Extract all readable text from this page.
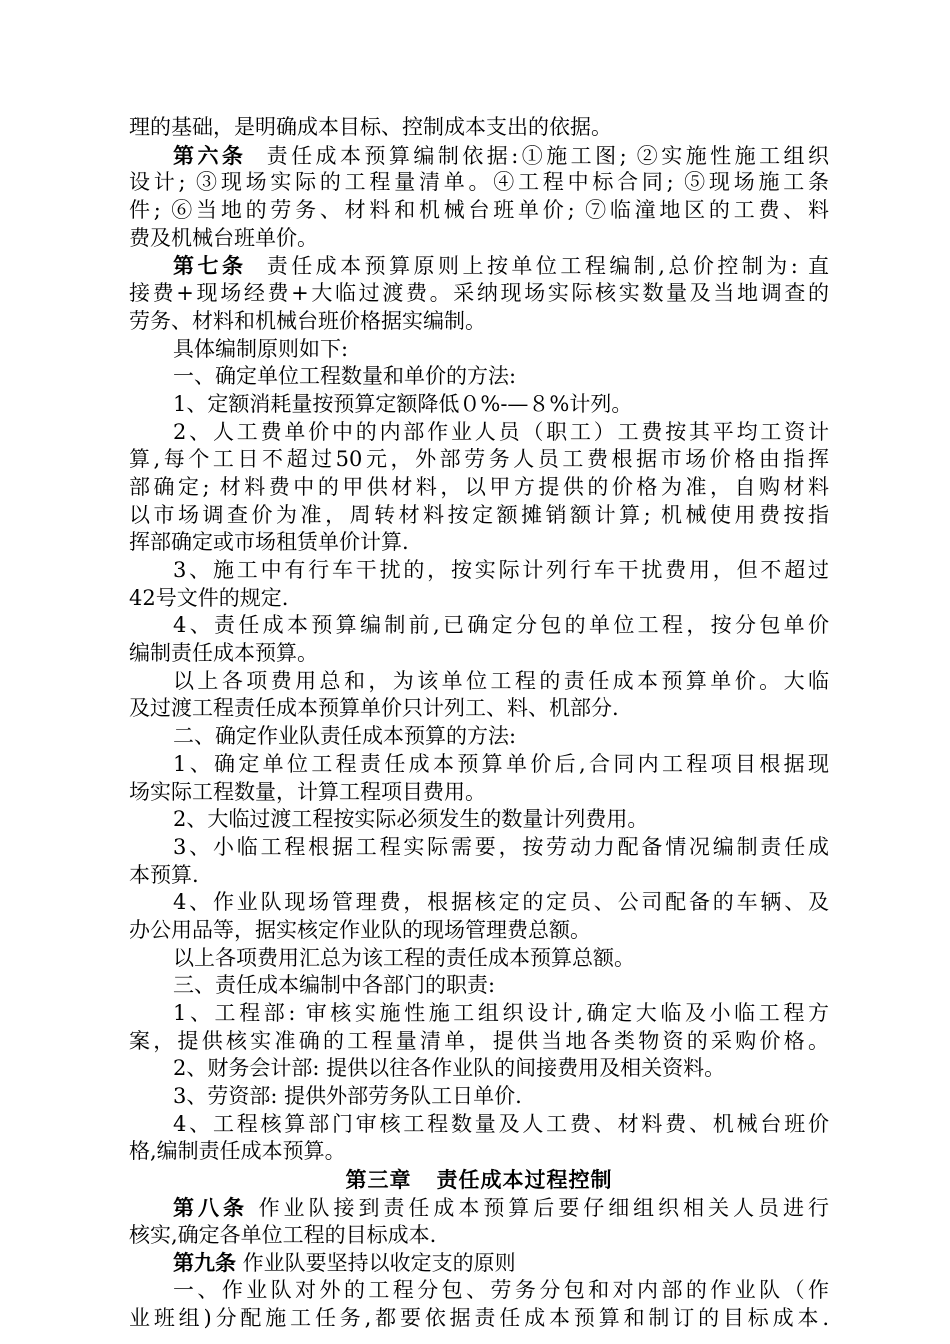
理的基础，是明确成本目标、控制成本支出的依据。
第六条  责任成本预算编制依据:①施工图; ②实施性施工组织
设计; ③现场实际的工程量清单。④工程中标合同; ⑤现场施工条
件; ⑥当地的劳务、材料和机械台班单价; ⑦临潼地区的工费、料
费及机械台班单价。
第七条  责任成本预算原则上按单位工程编制,总价控制为: 直
接费+现场经费+大临过渡费。采纳现场实际核实数量及当地调查的
劳务、材料和机械台班价格据实编制。
具体编制原则如下:
一、确定单位工程数量和单价的方法:
1、定额消耗量按预算定额降低０%-—８%计列。
2、人工费单价中的内部作业人员（职工）工费按其平均工资计
算,每个工日不超过50元，外部劳务人员工费根据市场价格由指挥
部确定; 材料费中的甲供材料，以甲方提供的价格为准，自购材料
以市场调查价为准，周转材料按定额摊销额计算; 机械使用费按指
挥部确定或市场租赁单价计算.
3、施工中有行车干扰的，按实际计列行车干扰费用，但不超过
42号文件的规定.
4、责任成本预算编制前,已确定分包的单位工程，按分包单价
编制责任成本预算。
以上各项费用总和，为该单位工程的责任成本预算单价。大临
及过渡工程责任成本预算单价只计列工、料、机部分.
二、确定作业队责任成本预算的方法:
1、确定单位工程责任成本预算单价后,合同内工程项目根据现
场实际工程数量，计算工程项目费用。
2、大临过渡工程按实际必须发生的数量计列费用。
3、小临工程根据工程实际需要，按劳动力配备情况编制责任成
本预算.
4、作业队现场管理费，根据核定的定员、公司配备的车辆、及
办公用品等，据实核定作业队的现场管理费总额。
以上各项费用汇总为该工程的责任成本预算总额。
三、责任成本编制中各部门的职责:
1、工程部: 审核实施性施工组织设计,确定大临及小临工程方
案，提供核实准确的工程量清单，提供当地各类物资的采购价格。
2、财务会计部: 提供以往各作业队的间接费用及相关资料。
3、劳资部: 提供外部劳务队工日单价.
4、工程核算部门审核工程数量及人工费、材料费、机械台班价
格,编制责任成本预算。
第三章   责任成本过程控制
第八条 作业队接到责任成本预算后要仔细组织相关人员进行
核实,确定各单位工程的目标成本.
第九条 作业队要坚持以收定支的原则
一、作业队对外的工程分包、劳务分包和对内部的作业队（作
业班组)分配施工任务,都要依据责任成本预算和制订的目标成本.
